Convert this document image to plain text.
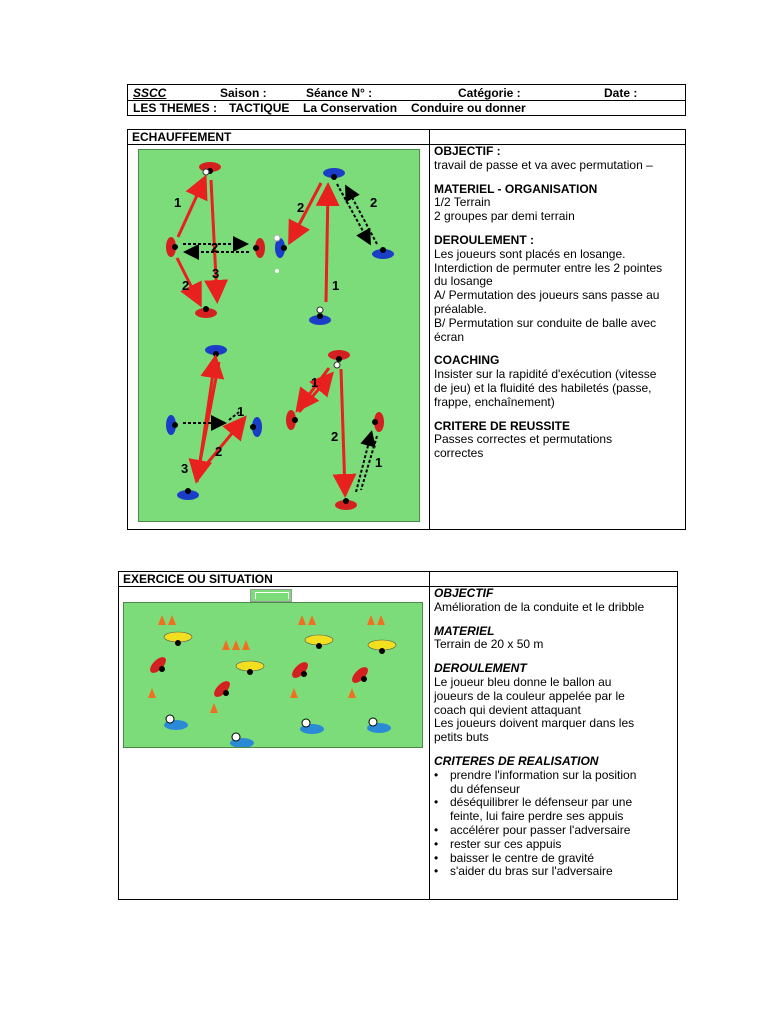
SSCC	Saison :	Séance N° :	Catégorie :	Date :
LES THEMES : TACTIQUE La Conservation Conduire ou donner
ECHAUFFEMENT
1
2
2
3
2	2
1
1
2
3
1
2
1
OBJECTIF :
travail de passe et va avec permutation –
MATERIEL - ORGANISATION
1/2 Terrain
2 groupes par demi terrain
DEROULEMENT :
Les joueurs sont placés en losange.
Interdiction de permuter entre les 2 pointes
du losange
A/ Permutation des joueurs sans passe au
préalable.
B/ Permutation sur conduite de balle avec
écran
COACHING
Insister sur la rapidité d'exécution (vitesse
de jeu) et la fluidité des habiletés (passe,
frappe, enchaînement)
CRITERE DE REUSSITE
Passes correctes et permutations
correctes
EXERCICE OU SITUATION
OBJECTIF
Amélioration de la conduite et le dribble
MATERIEL
Terrain de 20 x 50 m
DEROULEMENT
Le joueur bleu donne le ballon au
joueurs de la couleur appelée par le
coach qui devient attaquant
Les joueurs doivent marquer dans les
petits buts
CRITERES DE REALISATION
• prendre l'information sur la position
du défenseur
• déséquilibrer le défenseur par une
feinte, lui faire perdre ses appuis
• accélérer pour passer l'adversaire
• rester sur ces appuis
• baisser le centre de gravité
• s'aider du bras sur l'adversaire
